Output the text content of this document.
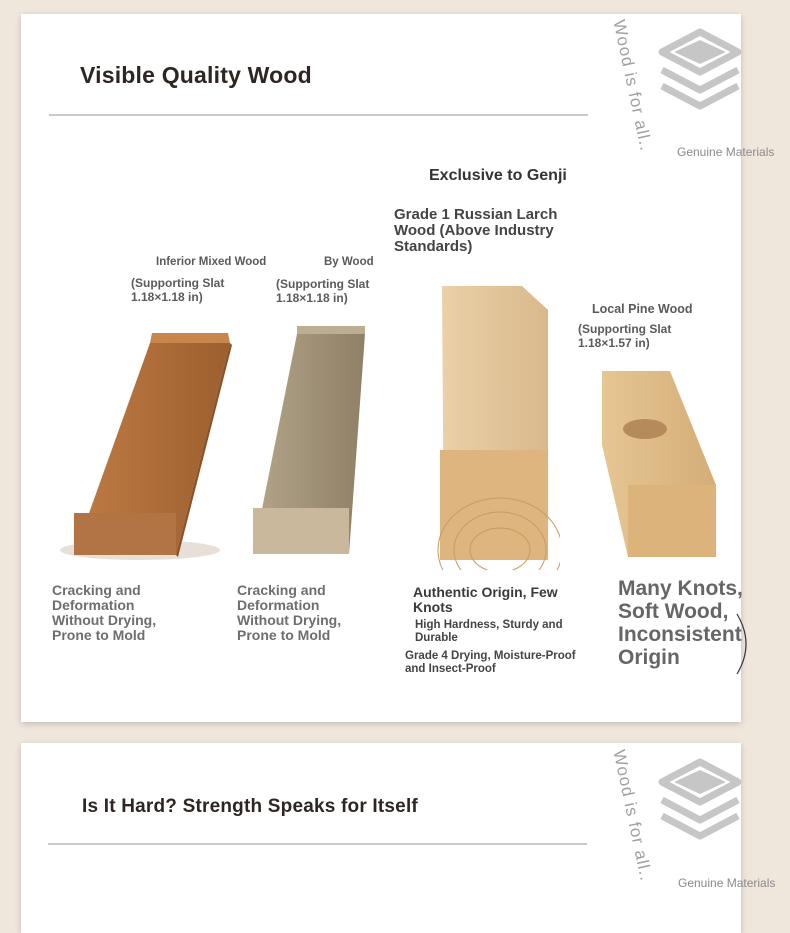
Visible Quality Wood	Wood is for all.. Genuine Materials
Inferior Mixed Wood
(Supporting Slat 1.18×1.18 in)
Cracking and Deformation Without Drying, Prone to Mold
By Wood
(Supporting Slat 1.18×1.18 in)
Cracking and Deformation Without Drying, Prone to Mold
Exclusive to Genji
Grade 1 Russian Larch Wood (Above Industry Standards)
Authentic Origin, Few Knots
High Hardness, Sturdy and Durable
Grade 4 Drying, Moisture-Proof and Insect-Proof
Local Pine Wood
(Supporting Slat 1.18×1.57 in)
Many Knots, Soft Wood, Inconsistent Origin
Is It Hard? Strength Speaks for Itself	Wood is for all..
Genuine Materials
